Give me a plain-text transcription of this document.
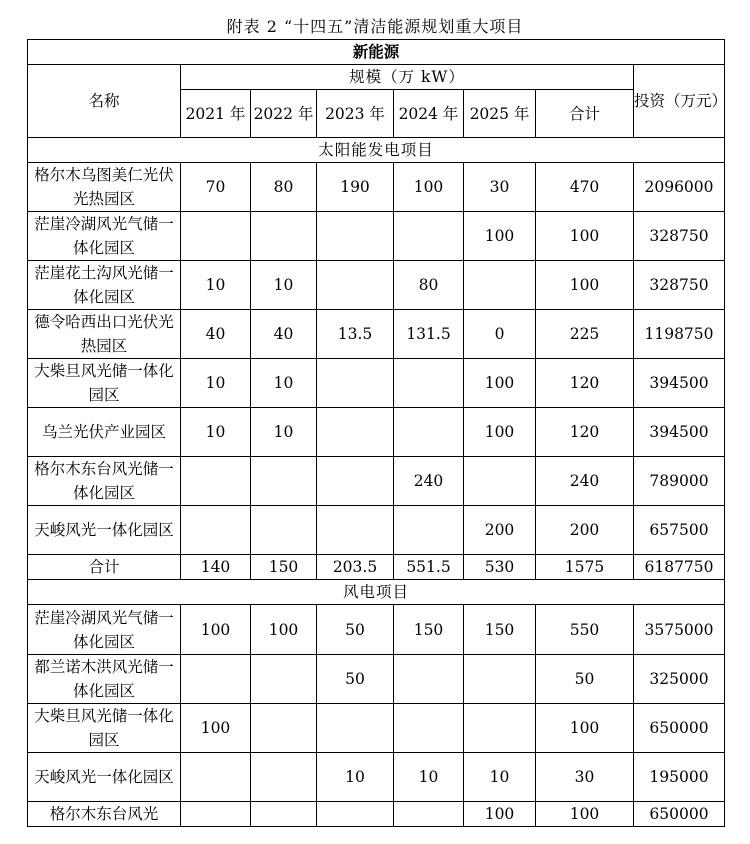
附表 2 “十四五”清洁能源规划重大项目
新能源							
名称	规模（万 kW）						投资（万元）
	2021 年	2022 年	2023 年	2024 年	2025 年	合计	
太阳能发电项目							
格尔木乌图美仁光伏光热园区	70	80	190	100	30	470	2096000
茫崖冷湖风光气储一体化园区					100	100	328750
茫崖花土沟风光储一体化园区	10	10		80		100	328750
德令哈西出口光伏光热园区	40	40	13.5	131.5	0	225	1198750
大柴旦风光储一体化园区	10	10			100	120	394500
乌兰光伏产业园区	10	10			100	120	394500
格尔木东台风光储一体化园区				240		240	789000
天峻风光一体化园区					200	200	657500
合计	140	150	203.5	551.5	530	1575	6187750
风电项目							
茫崖冷湖风光气储一体化园区	100	100	50	150	150	550	3575000
都兰诺木洪风光储一体化园区			50			50	325000
大柴旦风光储一体化园区	100					100	650000
天峻风光一体化园区			10	10	10	30	195000
格尔木东台风光					100	100	650000
